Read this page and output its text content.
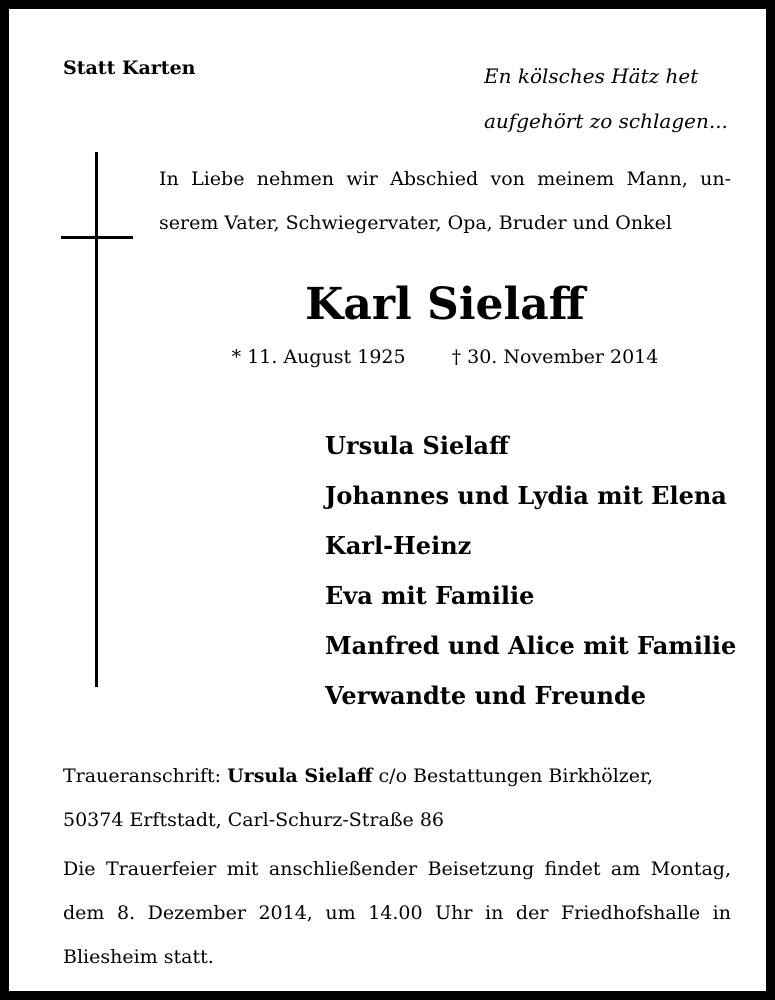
Statt Karten	En kölsches Hätz het
aufgehört zo schlagen...
In Liebe nehmen wir Abschied von meinem Mann, un-
serem Vater, Schwiegervater, Opa, Bruder und Onkel
Karl Sielaff
* 11. August 1925 † 30. November 2014
Ursula Sielaff
Johannes und Lydia mit Elena
Karl-Heinz
Eva mit Familie
Manfred und Alice mit Familie
Verwandte und Freunde
Traueranschrift: Ursula Sielaff c/o Bestattungen Birkhölzer,
50374 Erftstadt, Carl-Schurz-Straße 86
Die Trauerfeier mit anschließender Beisetzung findet am Montag, dem 8. Dezember 2014, um 14.00 Uhr in der Friedhofshalle in Bliesheim statt.
